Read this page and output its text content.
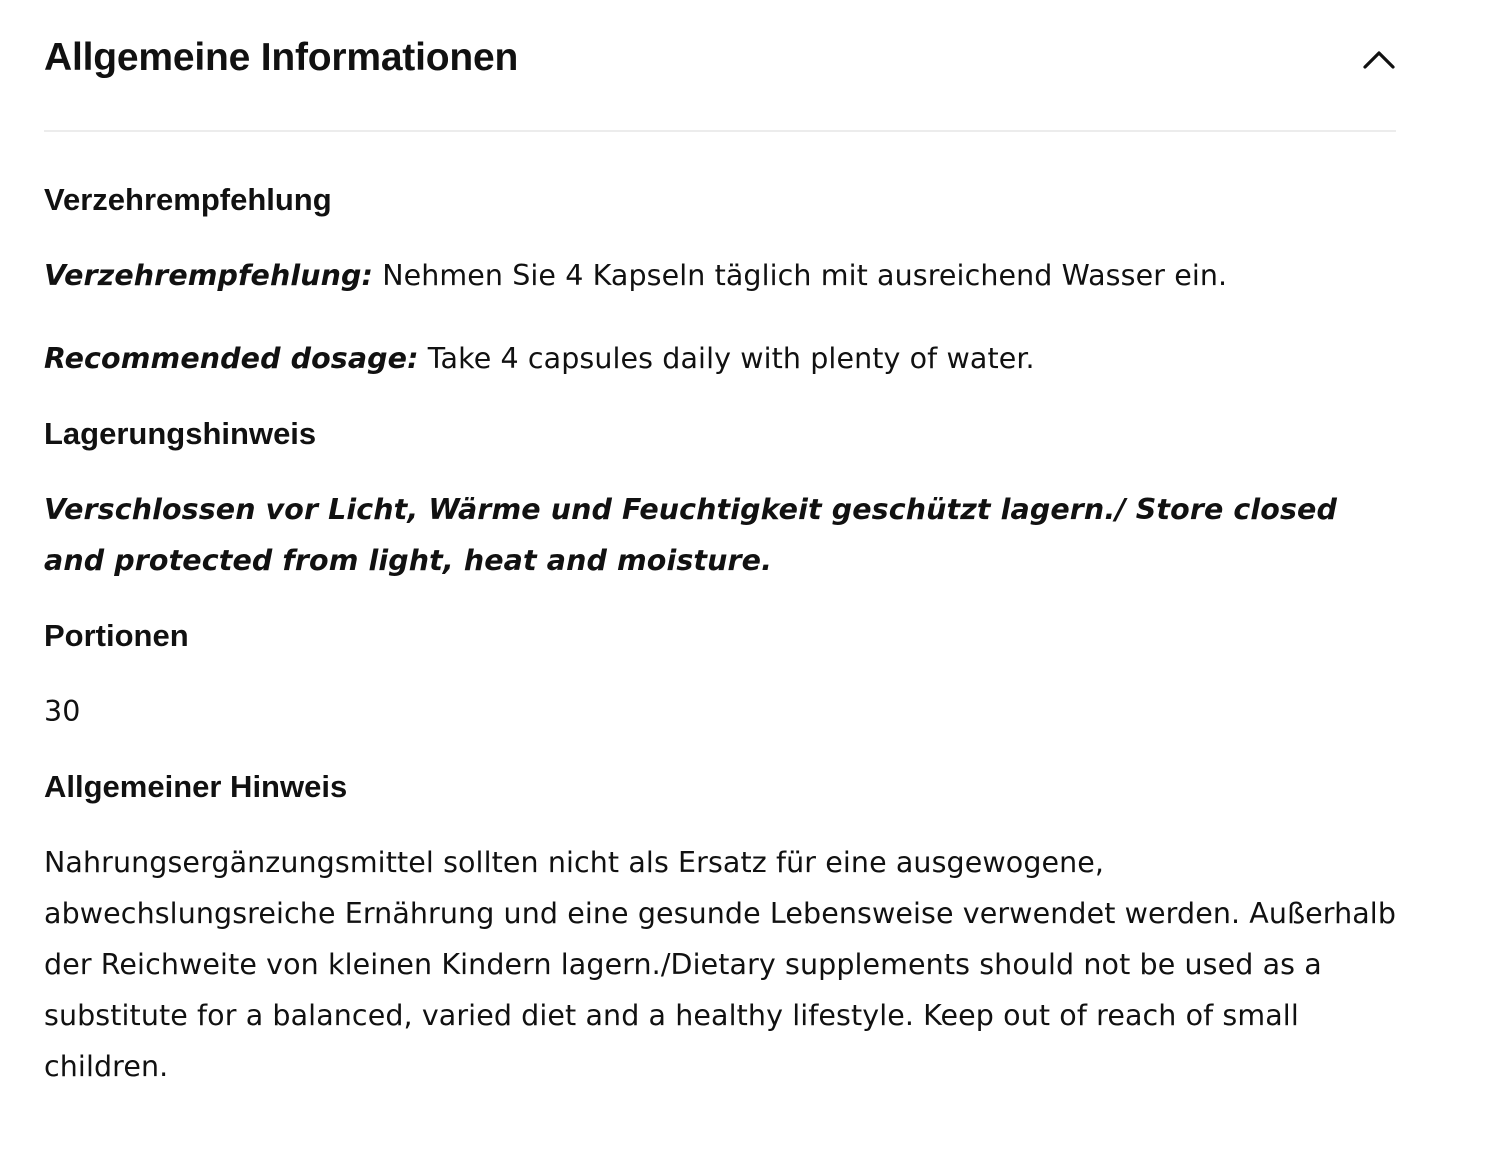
Allgemeine Informationen
Verzehrempfehlung

Verzehrempfehlung: Nehmen Sie 4 Kapseln täglich mit ausreichend Wasser ein.

Recommended dosage: Take 4 capsules daily with plenty of water.

Lagerungshinweis

Verschlossen vor Licht, Wärme und Feuchtigkeit geschützt lagern./ Store closed and protected from light, heat and moisture.

Portionen

30

Allgemeiner Hinweis

Nahrungsergänzungsmittel sollten nicht als Ersatz für eine ausgewogene, abwechslungsreiche Ernährung und eine gesunde Lebensweise verwendet werden. Außerhalb der Reichweite von kleinen Kindern lagern./Dietary supplements should not be used as a substitute for a balanced, varied diet and a healthy lifestyle. Keep out of reach of small children.
